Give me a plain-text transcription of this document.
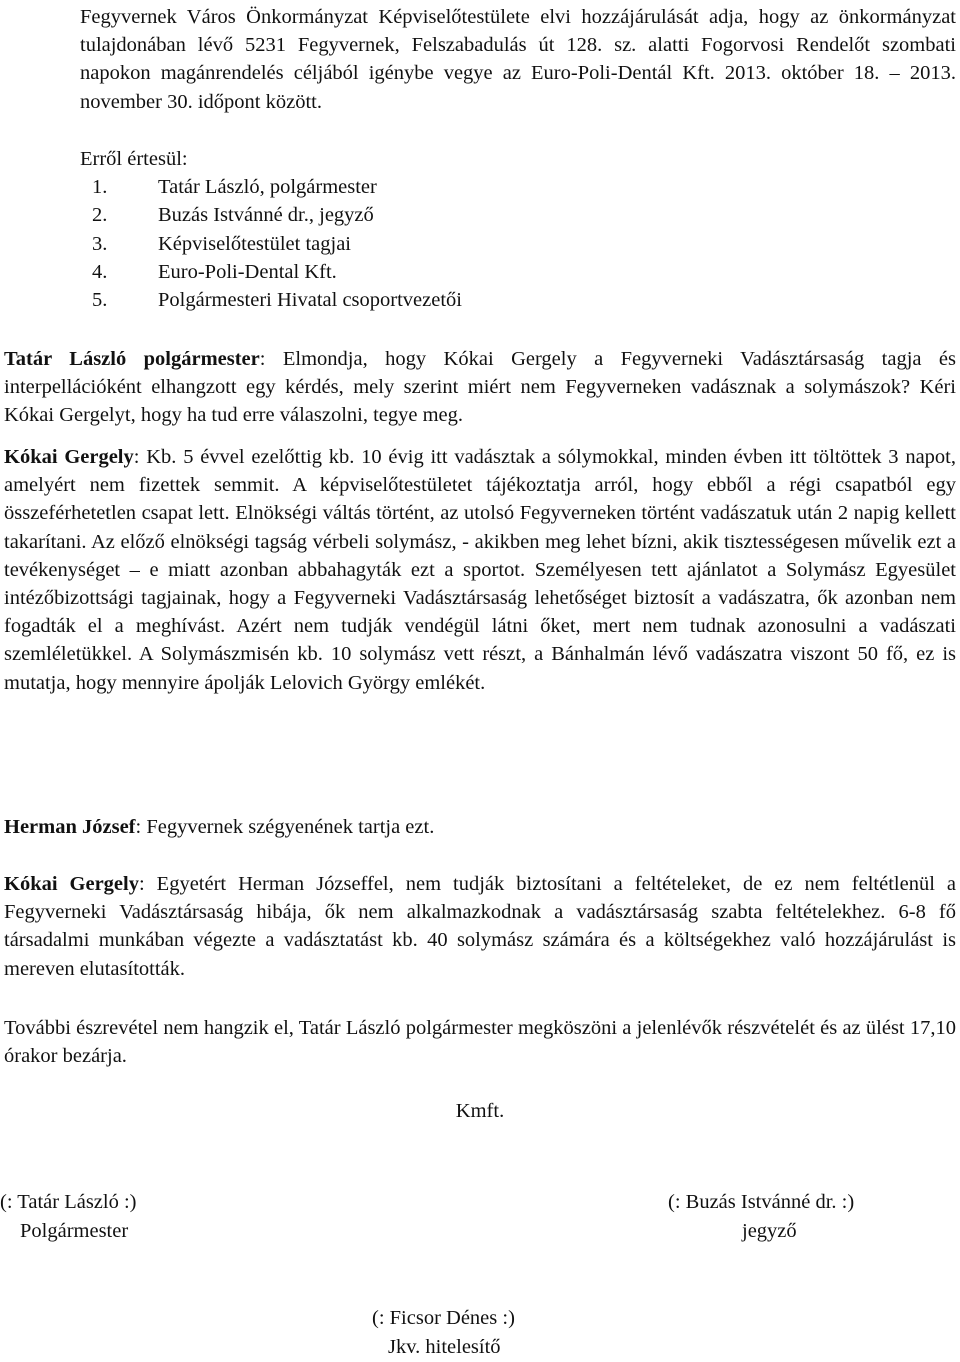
Fegyvernek Város Önkormányzat Képviselőtestülete elvi hozzájárulását adja, hogy az önkormányzat tulajdonában lévő 5231 Fegyvernek, Felszabadulás út 128. sz. alatti Fogorvosi Rendelőt szombati napokon magánrendelés céljából igénybe vegye az Euro-Poli-Dentál Kft. 2013. október 18. – 2013. november 30. időpont között.
Erről értesül:
1.	Tatár László, polgármester
2.	Buzás Istvánné dr., jegyző
3.	Képviselőtestület tagjai
4.	Euro-Poli-Dental Kft.
5.	Polgármesteri Hivatal csoportvezetői
Tatár László polgármester: Elmondja, hogy Kókai Gergely a Fegyverneki Vadásztársaság tagja és interpellációként elhangzott egy kérdés, mely szerint miért nem Fegyverneken vadásznak a solymászok? Kéri Kókai Gergelyt, hogy ha tud erre válaszolni, tegye meg.
Kókai Gergely: Kb. 5 évvel ezelőttig kb. 10 évig itt vadásztak a sólymokkal, minden évben itt töltöttek 3 napot, amelyért nem fizettek semmit. A képviselőtestületet tájékoztatja arról, hogy ebből a régi csapatból egy összeférhetetlen csapat lett. Elnökségi váltás történt, az utolsó Fegyverneken történt vadászatuk után 2 napig kellett takarítani. Az előző elnökségi tagság vérbeli solymász, - akikben meg lehet bízni, akik tisztességesen művelik ezt a tevékenységet – e miatt azonban abbahagyták ezt a sportot. Személyesen tett ajánlatot a Solymász Egyesület intézőbizottsági tagjainak, hogy a Fegyverneki Vadásztársaság lehetőséget biztosít a vadászatra, ők azonban nem fogadták el a meghívást. Azért nem tudják vendégül látni őket, mert nem tudnak azonosulni a vadászati szemléletükkel. A Solymászmisén kb. 10 solymász vett részt, a Bánhalmán lévő vadászatra viszont 50 fő, ez is mutatja, hogy mennyire ápolják Lelovich György emlékét.
Herman József: Fegyvernek szégyenének tartja ezt.
Kókai Gergely: Egyetért Herman Józseffel, nem tudják biztosítani a feltételeket, de ez nem feltétlenül a Fegyverneki Vadásztársaság hibája, ők nem alkalmazkodnak a vadásztársaság szabta feltételekhez. 6-8 fő társadalmi munkában végezte a vadásztatást kb. 40 solymász számára és a költségekhez való hozzájárulást is mereven elutasították.
További észrevétel nem hangzik el, Tatár László polgármester megköszöni a jelenlévők részvételét és az ülést 17,10 órakor bezárja.
Kmft.
(: Tatár László :)
Polgármester
(: Buzás Istvánné dr. :)
jegyző
(: Ficsor Dénes :)
Jkv. hitelesítő
